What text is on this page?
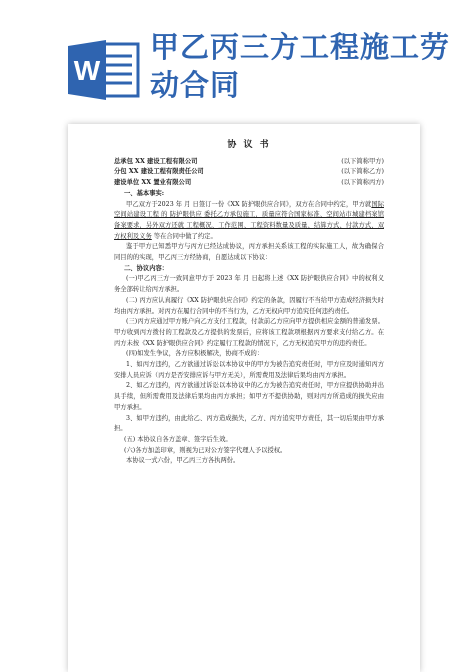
W
甲乙丙三方工程施工劳动合同
协 议 书
总承包 XX 建设工程有限公司	(以下简称甲方)
分包 XX 建设工程有限责任公司	(以下简称乙方)
建设单位 XX 置业有限公司	(以下简称丙方)
一、基本事实:
甲乙双方于2023 年 月 日签订一份《XX 防护眼供应合同》，双方在合同中约定，甲方就国际空间站建设工程 的 防护眼供应 委托乙方承包施工，质量应符合国家标准、空间站市城建档案馆备案要求，另外双方还就 工程概况、工作范围、工程资料数量及质量、结算方式、付款方式、双方权利及义务 等在合同中做了约定。
鉴于甲方已知悉甲方与丙方已经达成协议，丙方承担关系该工程的实际施工人，故为确保合同目的的实现，甲乙丙三方经协商，自愿达成以下协议：
二、协议内容：
(一)甲乙丙三方一致同意甲方于 2023 年 月 日起将上述《XX 防护眼供应合同》中的权利义务全部转让给丙方承担。
(二) 丙方应认真履行《XX 防护眼供应合同》约定的条款，因履行不当给甲方造成经济损失时均由丙方承担。对丙方在履行合同中的不当行为，乙方无权向甲方追究任何违约责任。
(三)丙方应通过甲方账户向乙方支付工程款，付款前乙方应向甲方提供相应金额的普通发票。甲方收到丙方拨付的工程款及乙方提供的发票后，应将该工程款项根据丙方要求支付给乙方。在丙方未按《XX 防护眼供应合同》约定履行工程款的情况下，乙方无权追究甲方的违约责任。
(四)如发生争议，各方应积极解决，协商不成的：
1、如丙方违约，乙方欲通过诉讼以本协议中的甲方为被告追究责任时，甲方应及时通知丙方安排人员应诉（丙方是否安排应诉与甲方无关），所需费用及法律后果均由丙方承担。
2、如乙方违约，丙方欲通过诉讼以本协议中的乙方为被告追究责任时，甲方应提供协助并出具手续，但所需费用及法律后果均由丙方承担；如甲方不提供协助，则对丙方所造成的损失应由甲方承担。
3、如甲方违约，由此给乙、丙方造成损失，乙方、丙方追究甲方责任，其一切后果由甲方承担。
(五) 本协议自各方盖章、签字后生效。
(六)各方加盖印章，则视为已对公方签字代理人予以授权。
本协议一式六份，甲乙丙三方各执两份。
